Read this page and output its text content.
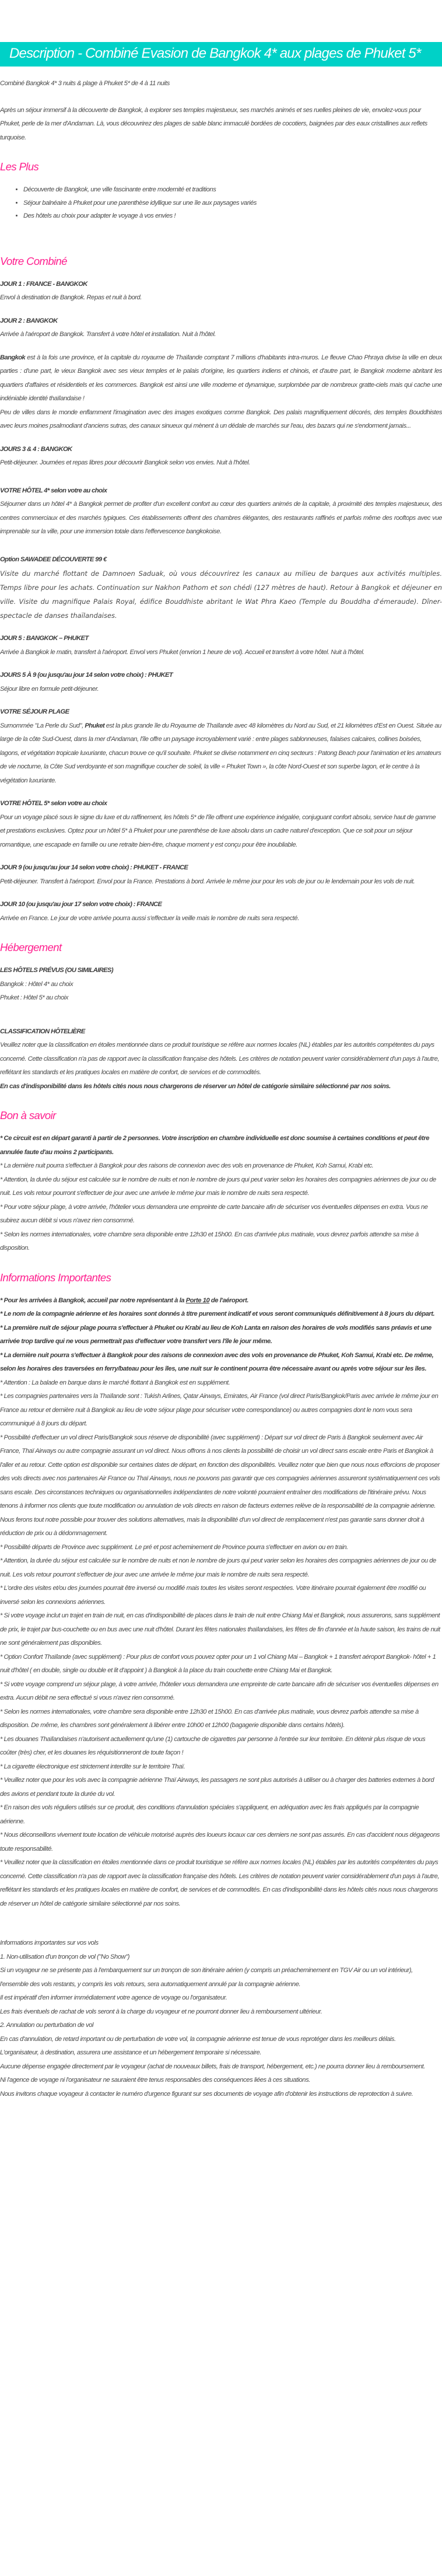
Description - Combiné Evasion de Bangkok 4* aux plages de Phuket 5*

Combiné Bangkok 4* 3 nuits & plage à Phuket 5* de 4 à 11 nuits

Après un séjour immersif à la découverte de Bangkok, à explorer ses temples majestueux, ses marchés animés et ses ruelles pleines de vie, envolez-vous pour Phuket, perle de la mer d'Andaman. Là, vous découvrirez des plages de sable blanc immaculé bordées de cocotiers, baignées par des eaux cristallines aux reflets turquoise.

Les Plus
• Découverte de Bangkok, une ville fascinante entre modernité et traditions
• Séjour balnéaire à Phuket pour une parenthèse idyllique sur une île aux paysages variés
• Des hôtels au choix pour adapter le voyage à vos envies !
Votre Combiné

JOUR 1 : FRANCE - BANGKOK

Envol à destination de Bangkok. Repas et nuit à bord.

JOUR 2 : BANGKOK

Arrivée à l'aéroport de Bangkok. Transfert à votre hôtel et installation. Nuit à l'hôtel.

Bangkok est à la fois une province, et la capitale du royaume de Thaïlande comptant 7 millions d'habitants intra-muros. Le fleuve Chao Phraya divise la ville en deux parties : d'une part, le vieux Bangkok avec ses vieux temples et le palais d'origine, les quartiers indiens et chinois, et d'autre part, le Bangkok moderne abritant les quartiers d'affaires et résidentiels et les commerces. Bangkok est ainsi une ville moderne et dynamique, surplombée par de nombreux gratte-ciels mais qui cache une indéniable identité thaïlandaise !

Peu de villes dans le monde enflamment l'imagination avec des images exotiques comme Bangkok. Des palais magnifiquement décorés, des temples Bouddhistes avec leurs moines psalmodiant d'anciens sutras, des canaux sinueux qui mènent à un dédale de marchés sur l'eau, des bazars qui ne s'endorment jamais...

JOURS 3 & 4 : BANGKOK

Petit-déjeuner. Journées et repas libres pour découvrir Bangkok selon vos envies. Nuit à l'hôtel.

VOTRE HÔTEL 4* selon votre au choix

Séjourner dans un hôtel 4* à Bangkok permet de profiter d'un excellent confort au cœur des quartiers animés de la capitale, à proximité des temples majestueux, des centres commerciaux et des marchés typiques. Ces établissements offrent des chambres élégantes, des restaurants raffinés et parfois même des rooftops avec vue imprenable sur la ville, pour une immersion totale dans l'effervescence bangkokoise.

Option SAWADEE DÉCOUVERTE 99 €

Visite du marché flottant de Damnoen Saduak, où vous découvrirez les canaux au milieu de barques aux activités multiples. Temps libre pour les achats. Continuation sur Nakhon Pathom et son chédi (127 mètres de haut). Retour à Bangkok et déjeuner en ville. Visite du magnifique Palais Royal, édifice Bouddhiste abritant le Wat Phra Kaeo (Temple du Bouddha d'émeraude). Dîner-spectacle de danses thaïlandaises.

JOUR 5 : BANGKOK – PHUKET

Arrivée à Bangkok le matin, transfert à l'aéroport. Envol vers Phuket (envrion 1 heure de vol). Accueil et transfert à votre hôtel. Nuit à l'hôtel.

JOURS 5 À 9 (ou jusqu'au jour 14 selon votre choix) : PHUKET

Séjour libre en formule petit-déjeuner.

VOTRE SÉJOUR PLAGE

Surnommée "La Perle du Sud", Phuket est la plus grande île du Royaume de Thaïlande avec 48 kilomètres du Nord au Sud, et 21 kilomètres d'Est en Ouest. Située au large de la côte Sud-Ouest, dans la mer d'Andaman, l'île offre un paysage incroyablement varié : entre plages sablonneuses, falaises calcaires, collines boisées, lagons, et végétation tropicale luxuriante, chacun trouve ce qu'il souhaite. Phuket se divise notamment en cinq secteurs : Patong Beach pour l'animation et les amateurs de vie nocturne, la Côte Sud verdoyante et son magnifique coucher de soleil, la ville « Phuket Town », la côte Nord-Ouest et son superbe lagon, et le centre à la végétation luxuriante.

VOTRE HÔTEL 5* selon votre au choix

Pour un voyage placé sous le signe du luxe et du raffinement, les hôtels 5* de l'île offrent une expérience inégalée, conjuguant confort absolu, service haut de gamme et prestations exclusives. Optez pour un hôtel 5* à Phuket pour une parenthèse de luxe absolu dans un cadre naturel d'exception. Que ce soit pour un séjour romantique, une escapade en famille ou une retraite bien-être, chaque moment y est conçu pour être inoubliable.

JOUR 9 (ou jusqu'au jour 14 selon votre choix) : PHUKET - FRANCE

Petit-déjeuner. Transfert à l'aéroport. Envol pour la France. Prestations à bord. Arrivée le même jour pour les vols de jour ou le lendemain pour les vols de nuit.

JOUR 10 (ou jusqu'au jour 17 selon votre choix) : FRANCE

Arrivée en France. Le jour de votre arrivée pourra aussi s'effectuer la veille mais le nombre de nuits sera respecté.

Hébergement

LES HÔTELS PRÉVUS (OU SIMILAIRES)

Bangkok : Hôtel 4* au choix

Phuket : Hôtel 5* au choix

CLASSIFICATION HÔTELIÈRE

Veuillez noter que la classification en étoiles mentionnée dans ce produit touristique se réfère aux normes locales (NL) établies par les autorités compétentes du pays concerné. Cette classification n'a pas de rapport avec la classification française des hôtels. Les critères de notation peuvent varier considérablement d'un pays à l'autre, reflétant les standards et les pratiques locales en matière de confort, de services et de commodités.

En cas d'indisponibilité dans les hôtels cités nous nous chargerons de réserver un hôtel de catégorie similaire sélectionné par nos soins.

Bon à savoir

* Ce circuit est en départ garanti à partir de 2 personnes. Votre inscription en chambre individuelle est donc soumise à certaines conditions et peut être annulée faute d'au moins 2 participants.

* La dernière nuit pourra s'effectuer à Bangkok pour des raisons de connexion avec des vols en provenance de Phuket, Koh Samui, Krabi etc.

* Attention, la durée du séjour est calculée sur le nombre de nuits et non le nombre de jours qui peut varier selon les horaires des compagnies aériennes de jour ou de nuit. Les vols retour pourront s'effectuer de jour avec une arrivée le même jour mais le nombre de nuits sera respecté.

* Pour votre séjour plage, à votre arrivée, l'hôtelier vous demandera une empreinte de carte bancaire afin de sécuriser vos éventuelles dépenses en extra. Vous ne subirez aucun débit si vous n'avez rien consommé.

* Selon les normes internationales, votre chambre sera disponible entre 12h30 et 15h00. En cas d'arrivée plus matinale, vous devrez parfois attendre sa mise à disposition.

Informations Importantes

* Pour les arrivées à Bangkok, accueil par notre représentant à la Porte 10 de l'aéroport.

* Le nom de la compagnie aérienne et les horaires sont donnés à titre purement indicatif et vous seront communiqués définitivement à 8 jours du départ.

* La première nuit de séjour plage pourra s'effectuer à Phuket ou Krabi au lieu de Koh Lanta en raison des horaires de vols modifiés sans préavis et une arrivée trop tardive qui ne vous permettrait pas d'effectuer votre transfert vers l'île le jour même.

* La dernière nuit pourra s'effectuer à Bangkok pour des raisons de connexion avec des vols en provenance de Phuket, Koh Samui, Krabi etc. De même, selon les horaires des traversées en ferry/bateau pour les îles, une nuit sur le continent pourra être nécessaire avant ou après votre séjour sur les îles.

* Attention : La balade en barque dans le marché flottant à Bangkok est en supplément.

* Les compagnies partenaires vers la Thaïlande sont : Tukish Arlines, Qatar Airways, Emirates, Air France (vol direct Paris/Bangkok/Paris avec arrivée le même jour en France au retour et dernière nuit à Bangkok au lieu de votre séjour plage pour sécuriser votre correspondance) ou autres compagnies dont le nom vous sera communiqué à 8 jours du départ.

* Possibilité d'effectuer un vol direct Paris/Bangkok sous réserve de disponibilité (avec supplément) : Départ sur vol direct de Paris à Bangkok seulement avec Air France, Thaï Airways ou autre compagnie assurant un vol direct. Nous offrons à nos clients la possibilité de choisir un vol direct sans escale entre Paris et Bangkok à l'aller et au retour. Cette option est disponible sur certaines dates de départ, en fonction des disponibilités. Veuillez noter que bien que nous nous efforcions de proposer des vols directs avec nos partenaires Air France ou Thaï Airways, nous ne pouvons pas garantir que ces compagnies aériennes assureront systématiquement ces vols sans escale. Des circonstances techniques ou organisationnelles indépendantes de notre volonté pourraient entraîner des modifications de l'itinéraire prévu. Nous tenons à informer nos clients que toute modification ou annulation de vols directs en raison de facteurs externes relève de la responsabilité de la compagnie aérienne. Nous ferons tout notre possible pour trouver des solutions alternatives, mais la disponibilité d'un vol direct de remplacement n'est pas garantie sans donner droit à réduction de prix ou à dédommagement.

* Possibilité départs de Province avec supplément. Le pré et post acheminement de Province pourra s'effectuer en avion ou en train.

* Attention, la durée du séjour est calculée sur le nombre de nuits et non le nombre de jours qui peut varier selon les horaires des compagnies aériennes de jour ou de nuit. Les vols retour pourront s'effectuer de jour avec une arrivée le même jour mais le nombre de nuits sera respecté.

* L'ordre des visites et/ou des journées pourrait être inversé ou modifié mais toutes les visites seront respectées. Votre itinéraire pourrait également être modifié ou inversé selon les connexions aériennes.

* Si votre voyage inclut un trajet en train de nuit, en cas d'indisponibilité de places dans le train de nuit entre Chiang Mai et Bangkok, nous assurerons, sans supplément de prix, le trajet par bus-couchette ou en bus avec une nuit d'hôtel. Durant les fêtes nationales thaïlandaises, les fêtes de fin d'année et la haute saison, les trains de nuit ne sont généralement pas disponibles.

* Option Confort Thaïlande (avec supplément) : Pour plus de confort vous pouvez opter pour un 1 vol Chiang Mai – Bangkok + 1 transfert aéroport Bangkok- hôtel + 1 nuit d'hôtel ( en double, single ou double et lit d'appoint ) à Bangkok à la place du train couchette entre Chiang Mai et Bangkok.

* Si votre voyage comprend un séjour plage, à votre arrivée, l'hôtelier vous demandera une empreinte de carte bancaire afin de sécuriser vos éventuelles dépenses en extra. Aucun débit ne sera effectué si vous n'avez rien consommé.

* Selon les normes internationales, votre chambre sera disponible entre 12h30 et 15h00. En cas d'arrivée plus matinale, vous devrez parfois attendre sa mise à disposition. De même, les chambres sont généralement à libérer entre 10h00 et 12h00 (bagagerie disponible dans certains hôtels).

* Les douanes Thaïlandaises n'autorisent actuellement qu'une (1) cartouche de cigarettes par personne à l'entrée sur leur territoire. En détenir plus risque de vous coûter (très) cher, et les douanes les réquisitionneront de toute façon !

* La cigarette électronique est strictement interdite sur le territoire Thaï.

* Veuillez noter que pour les vols avec la compagnie aérienne Thaï Airways, les passagers ne sont plus autorisés à utiliser ou à charger des batteries externes à bord des avions et pendant toute la durée du vol.

* En raison des vols réguliers utilisés sur ce produit, des conditions d'annulation spéciales s'appliquent, en adéquation avec les frais appliqués par la compagnie aérienne.

* Nous déconseillons vivement toute location de véhicule motorisé auprès des loueurs locaux car ces derniers ne sont pas assurés. En cas d'accident nous dégageons toute responsabilité.

* Veuillez noter que la classification en étoiles mentionnée dans ce produit touristique se réfère aux normes locales (NL) établies par les autorités compétentes du pays concerné. Cette classification n'a pas de rapport avec la classification française des hôtels. Les critères de notation peuvent varier considérablement d'un pays à l'autre, reflétant les standards et les pratiques locales en matière de confort, de services et de commodités. En cas d'indisponibilité dans les hôtels cités nous nous chargerons de réserver un hôtel de catégorie similaire sélectionné par nos soins.

Informations importantes sur vos vols

1. Non-utilisation d'un tronçon de vol ("No Show")

Si un voyageur ne se présente pas à l'embarquement sur un tronçon de son itinéraire aérien (y compris un préacheminement en TGV Air ou un vol intérieur), l'ensemble des vols restants, y compris les vols retours, sera automatiquement annulé par la compagnie aérienne.

Il est impératif d'en informer immédiatement votre agence de voyage ou l'organisateur.

Les frais éventuels de rachat de vols seront à la charge du voyageur et ne pourront donner lieu à remboursement ultérieur.

2. Annulation ou perturbation de vol

En cas d'annulation, de retard important ou de perturbation de votre vol, la compagnie aérienne est tenue de vous reprotéger dans les meilleurs délais.

L'organisateur, à destination, assurera une assistance et un hébergement temporaire si nécessaire.

Aucune dépense engagée directement par le voyageur (achat de nouveaux billets, frais de transport, hébergement, etc.) ne pourra donner lieu à remboursement.

Ni l'agence de voyage ni l'organisateur ne sauraient être tenus responsables des conséquences liées à ces situations.

Nous invitons chaque voyageur à contacter le numéro d'urgence figurant sur ses documents de voyage afin d'obtenir les instructions de reprotection à suivre.
